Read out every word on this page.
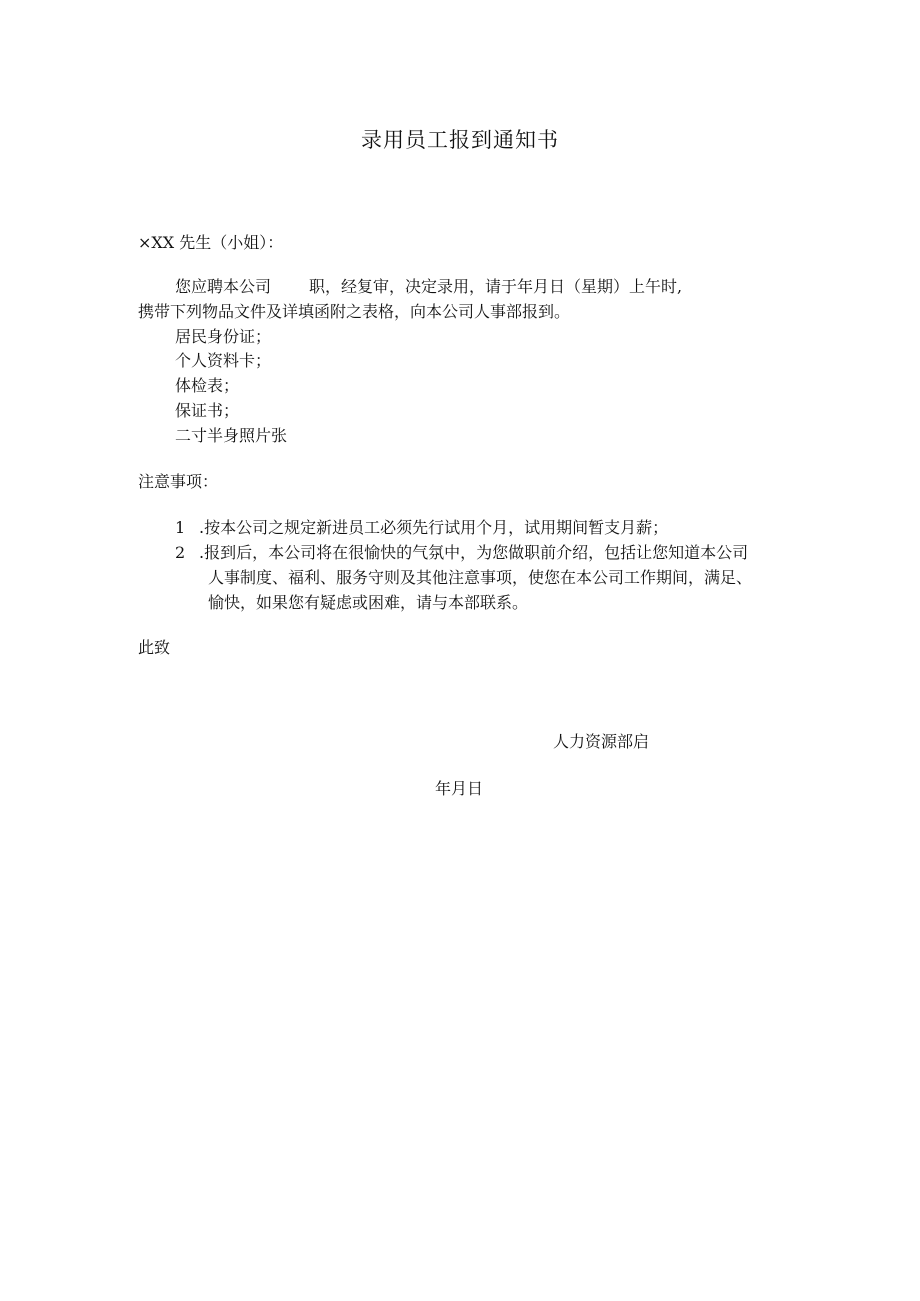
录用员工报到通知书
×XX 先生（小姐）：
您应聘本公司 职，经复审，决定录用，请于年月日（星期）上午时,
携带下列物品文件及详填函附之表格，向本公司人事部报到。
居民身份证；
个人资料卡；
体检表；
保证书；
二寸半身照片张
注意事项：
1 .按本公司之规定新进员工必须先行试用个月，试用期间暂支月薪；
2 .报到后，本公司将在很愉快的气氛中，为您做职前介绍，包括让您知道本公司
人事制度、福利、服务守则及其他注意事项，使您在本公司工作期间，满足、
愉快，如果您有疑虑或困难，请与本部联系。
此致
人力资源部启
年月日
